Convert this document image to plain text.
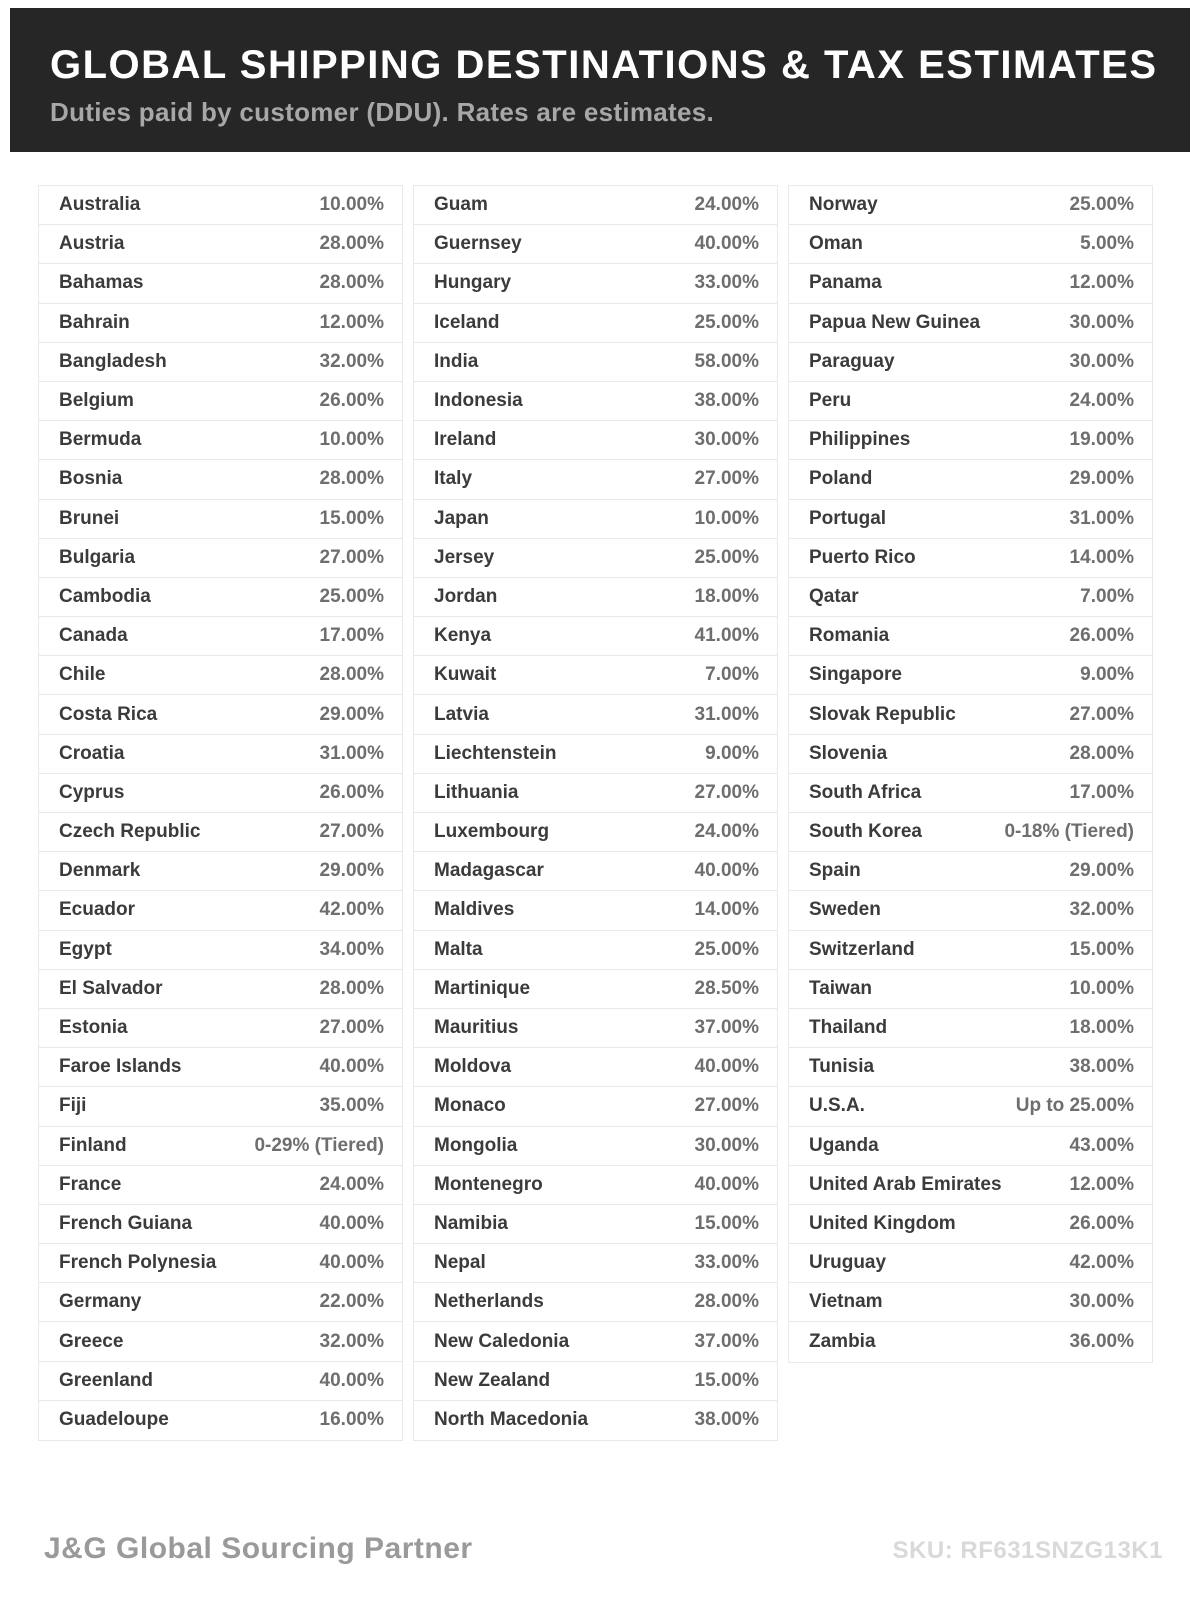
GLOBAL SHIPPING DESTINATIONS & TAX ESTIMATES
Duties paid by customer (DDU). Rates are estimates.
Australia	10.00%
Austria	28.00%
Bahamas	28.00%
Bahrain	12.00%
Bangladesh	32.00%
Belgium	26.00%
Bermuda	10.00%
Bosnia	28.00%
Brunei	15.00%
Bulgaria	27.00%
Cambodia	25.00%
Canada	17.00%
Chile	28.00%
Costa Rica	29.00%
Croatia	31.00%
Cyprus	26.00%
Czech Republic	27.00%
Denmark	29.00%
Ecuador	42.00%
Egypt	34.00%
El Salvador	28.00%
Estonia	27.00%
Faroe Islands	40.00%
Fiji	35.00%
Finland	0-29% (Tiered)
France	24.00%
French Guiana	40.00%
French Polynesia	40.00%
Germany	22.00%
Greece	32.00%
Greenland	40.00%
Guadeloupe	16.00%
Guam	24.00%
Guernsey	40.00%
Hungary	33.00%
Iceland	25.00%
India	58.00%
Indonesia	38.00%
Ireland	30.00%
Italy	27.00%
Japan	10.00%
Jersey	25.00%
Jordan	18.00%
Kenya	41.00%
Kuwait	7.00%
Latvia	31.00%
Liechtenstein	9.00%
Lithuania	27.00%
Luxembourg	24.00%
Madagascar	40.00%
Maldives	14.00%
Malta	25.00%
Martinique	28.50%
Mauritius	37.00%
Moldova	40.00%
Monaco	27.00%
Mongolia	30.00%
Montenegro	40.00%
Namibia	15.00%
Nepal	33.00%
Netherlands	28.00%
New Caledonia	37.00%
New Zealand	15.00%
North Macedonia	38.00%
Norway	25.00%
Oman	5.00%
Panama	12.00%
Papua New Guinea	30.00%
Paraguay	30.00%
Peru	24.00%
Philippines	19.00%
Poland	29.00%
Portugal	31.00%
Puerto Rico	14.00%
Qatar	7.00%
Romania	26.00%
Singapore	9.00%
Slovak Republic	27.00%
Slovenia	28.00%
South Africa	17.00%
South Korea	0-18% (Tiered)
Spain	29.00%
Sweden	32.00%
Switzerland	15.00%
Taiwan	10.00%
Thailand	18.00%
Tunisia	38.00%
U.S.A.	Up to 25.00%
Uganda	43.00%
United Arab Emirates	12.00%
United Kingdom	26.00%
Uruguay	42.00%
Vietnam	30.00%
Zambia	36.00%
J&G Global Sourcing Partner	SKU: RF631SNZG13K1
